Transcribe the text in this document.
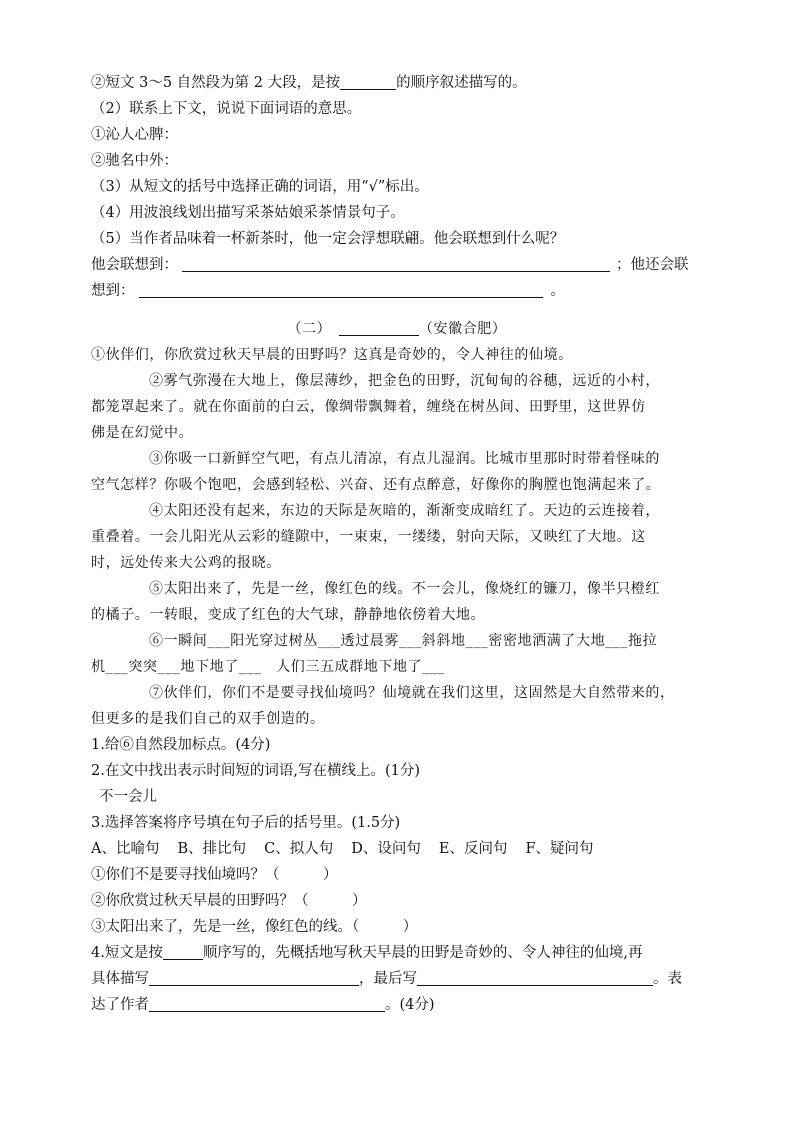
②短文 3～5 自然段为第 2 大段，是按	的顺序叙述描写的。
（2）联系上下文，说说下面词语的意思。
①沁人心脾：
②驰名中外：
（3）从短文的括号中选择正确的词语，用“√”标出。
（4）用波浪线划出描写采茶姑娘采茶情景句子。
（5）当作者品味着一杯新茶时，他一定会浮想联翩。他会联想到什么呢？
他会联想到：	；他还会联
想到：	。
（二）　	（安徽合肥）
①伙伴们，你欣赏过秋天早晨的田野吗？这真是奇妙的，令人神往的仙境。
②雾气弥漫在大地上，像层薄纱，把金色的田野，沉甸甸的谷穗，远近的小村，
都笼罩起来了。就在你面前的白云，像绸带飘舞着，缠绕在树丛间、田野里，这世界仿
佛是在幻觉中。
③你吸一口新鲜空气吧，有点儿清凉，有点儿湿润。比城市里那时时带着怪味的
空气怎样？你吸个饱吧，会感到轻松、兴奋、还有点醉意，好像你的胸膛也饱满起来了。
④太阳还没有起来，东边的天际是灰暗的，渐渐变成暗红了。天边的云连接着，
重叠着。一会儿阳光从云彩的缝隙中，一束束，一缕缕，射向天际，又映红了大地。这
时，远处传来大公鸡的报晓。
⑤太阳出来了，先是一丝，像红色的线。不一会儿，像烧红的镰刀，像半只橙红
的橘子。一转眼，变成了红色的大气球，静静地依傍着大地。
⑥一瞬间___阳光穿过树丛___透过晨雾___斜斜地___密密地洒满了大地___拖拉
机___突突___地下地了___　人们三五成群地下地了___
⑦伙伴们，你们不是要寻找仙境吗？仙境就在我们这里，这固然是大自然带来的，
但更多的是我们自己的双手创造的。
1.给⑥自然段加标点。(4分)
2.在文中找出表示时间短的词语,写在横线上。(1分)
不一会儿
3.选择答案将序号填在句子后的括号里。(1.5分)
A、比喻句 B、排比句 C、拟人句 D、设问句 E、反问句 F、疑问句
①你们不是要寻找仙境吗？（　　　）
②你欣赏过秋天早晨的田野吗？（　　　）
③太阳出来了，先是一丝，像红色的线。（　　　）
4.短文是按	顺序写的，先概括地写秋天早晨的田野是奇妙的、令人神往的仙境,再
具体描写	，最后写	。表
达了作者	。(4分)
